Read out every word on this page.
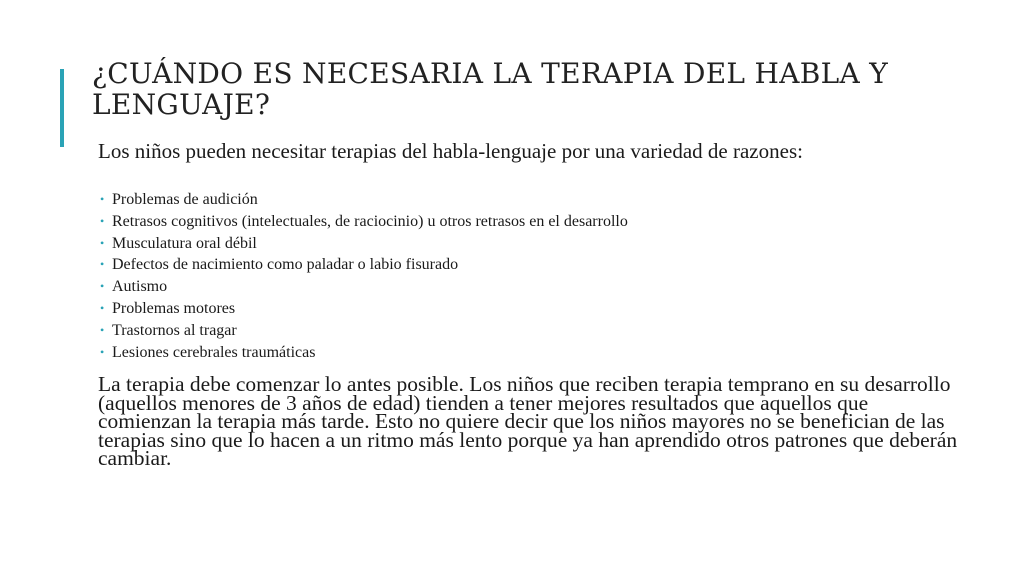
¿CUÁNDO ES NECESARIA LA TERAPIA DEL HABLA Y LENGUAJE?

Los niños pueden necesitar terapias del habla-lenguaje por una variedad de razones:

• Problemas de audición
• Retrasos cognitivos (intelectuales, de raciocinio) u otros retrasos en el desarrollo
• Musculatura oral débil
• Defectos de nacimiento como paladar o labio fisurado
• Autismo
• Problemas motores
• Trastornos al tragar
• Lesiones cerebrales traumáticas

La terapia debe comenzar lo antes posible. Los niños que reciben terapia temprano en su desarrollo (aquellos menores de 3 años de edad) tienden a tener mejores resultados que aquellos que comienzan la terapia más tarde. Esto no quiere decir que los niños mayores no se benefician de las terapias sino que lo hacen a un ritmo más lento porque ya han aprendido otros patrones que deberán cambiar.
